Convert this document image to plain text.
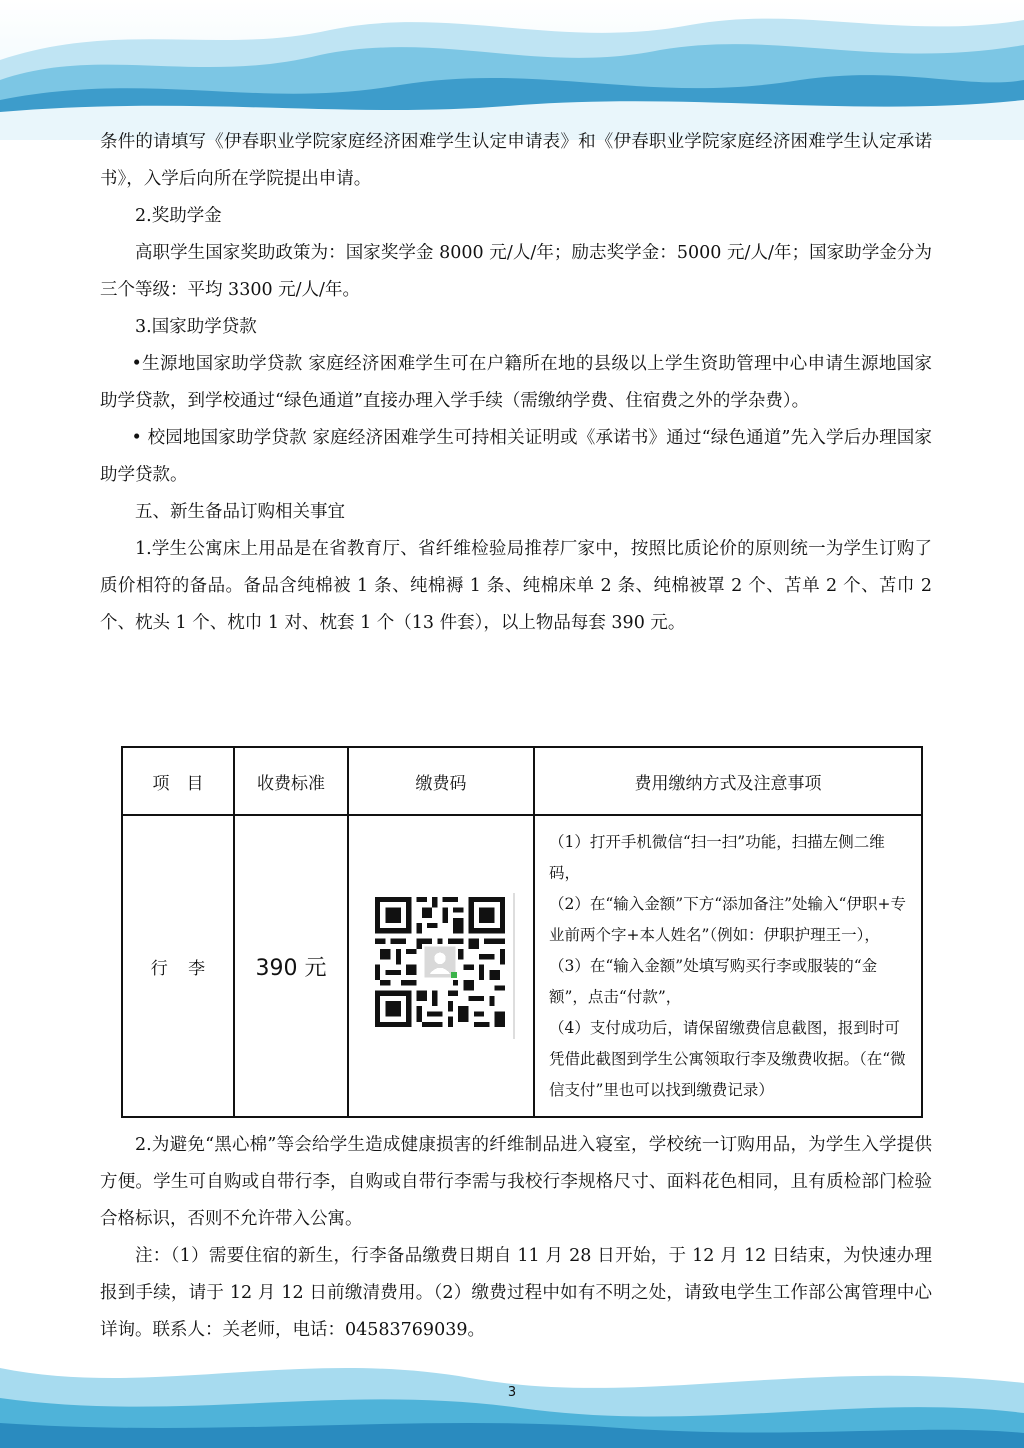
条件的请填写《伊春职业学院家庭经济困难学生认定申请表》和《伊春职业学院家庭经济困难学生认定承诺书》，入学后向所在学院提出申请。

2.奖助学金

高职学生国家奖助政策为：国家奖学金 8000 元/人/年；励志奖学金：5000 元/人/年；国家助学金分为三个等级：平均 3300 元/人/年。

3.国家助学贷款

•生源地国家助学贷款 家庭经济困难学生可在户籍所在地的县级以上学生资助管理中心申请生源地国家助学贷款，到学校通过“绿色通道”直接办理入学手续（需缴纳学费、住宿费之外的学杂费）。

• 校园地国家助学贷款 家庭经济困难学生可持相关证明或《承诺书》通过“绿色通道”先入学后办理国家助学贷款。

五、新生备品订购相关事宜

1.学生公寓床上用品是在省教育厅、省纤维检验局推荐厂家中，按照比质论价的原则统一为学生订购了质价相符的备品。备品含纯棉被 1 条、纯棉褥 1 条、纯棉床单 2 条、纯棉被罩 2 个、苫单 2 个、苫巾 2 个、枕头 1 个、枕巾 1 对、枕套 1 个（13 件套），以上物品每套 390 元。

项　目	收费标准	缴费码	费用缴纳方式及注意事项
行李	390 元		（1）打开手机微信“扫一扫”功能，扫描左侧二维码，
（2）在“输入金额”下方“添加备注”处输入“伊职+专业前两个字+本人姓名”（例如：伊职护理王一），
（3）在“输入金额”处填写购买行李或服装的“金额”，点击“付款”，
（4）支付成功后，请保留缴费信息截图，报到时可凭借此截图到学生公寓领取行李及缴费收据。（在“微信支付”里也可以找到缴费记录）

2.为避免“黑心棉”等会给学生造成健康损害的纤维制品进入寝室，学校统一订购用品，为学生入学提供方便。学生可自购或自带行李，自购或自带行李需与我校行李规格尺寸、面料花色相同，且有质检部门检验合格标识，否则不允许带入公寓。

注：（1）需要住宿的新生，行李备品缴费日期自 11 月 28 日开始，于 12 月 12 日结束，为快速办理报到手续，请于 12 月 12 日前缴清费用。（2）缴费过程中如有不明之处，请致电学生工作部公寓管理中心详询。联系人：关老师，电话：04583769039。

3
